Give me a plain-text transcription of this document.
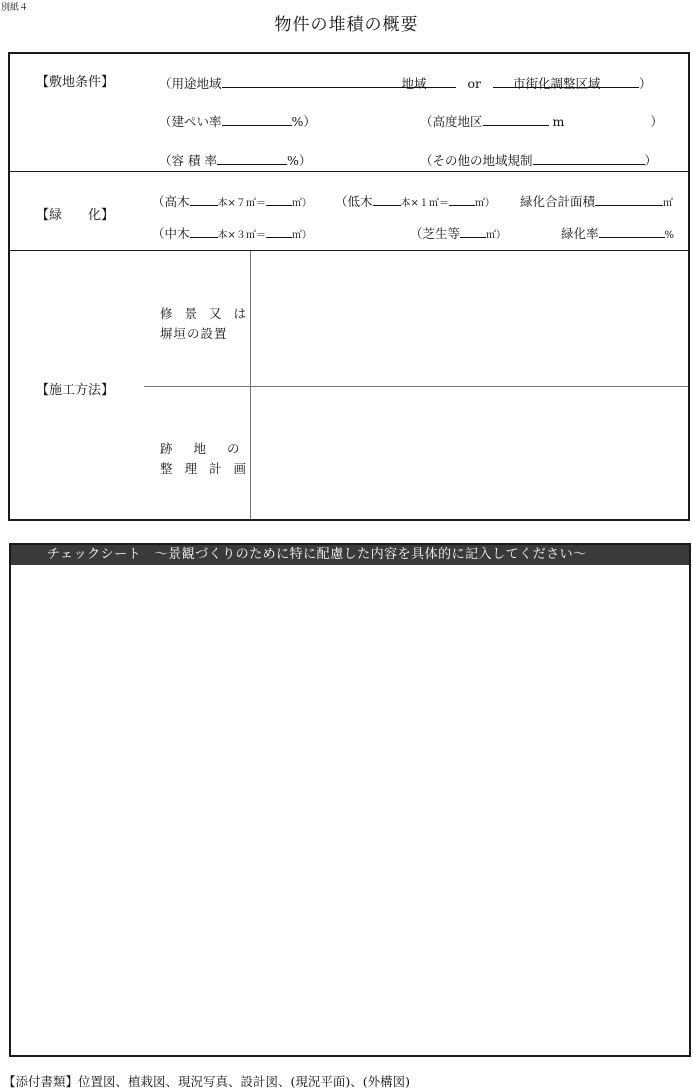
別紙４
物件の堆積の概要
【敷地条件】	（用途地域	地域	or	市街化調整区域	）
（建ぺい率	%）	（高度地区	m	）
（容 積 率	%）	（その他の地域規制	）
【緑　　化】
（高木	本×７㎡＝	㎡） （低木	本×１㎡＝	㎡） 緑化合計面積	㎡
（中木	本×３㎡＝	㎡）	（芝生等	㎡）	緑化率	%
【施工方法】
修景又は
塀垣の設置
跡地の
整理計画
チェックシート　～景観づくりのために特に配慮した内容を具体的に記入してください～
【添付書類】位置図、植栽図、現況写真、設計図、(現況平面)、(外構図)
